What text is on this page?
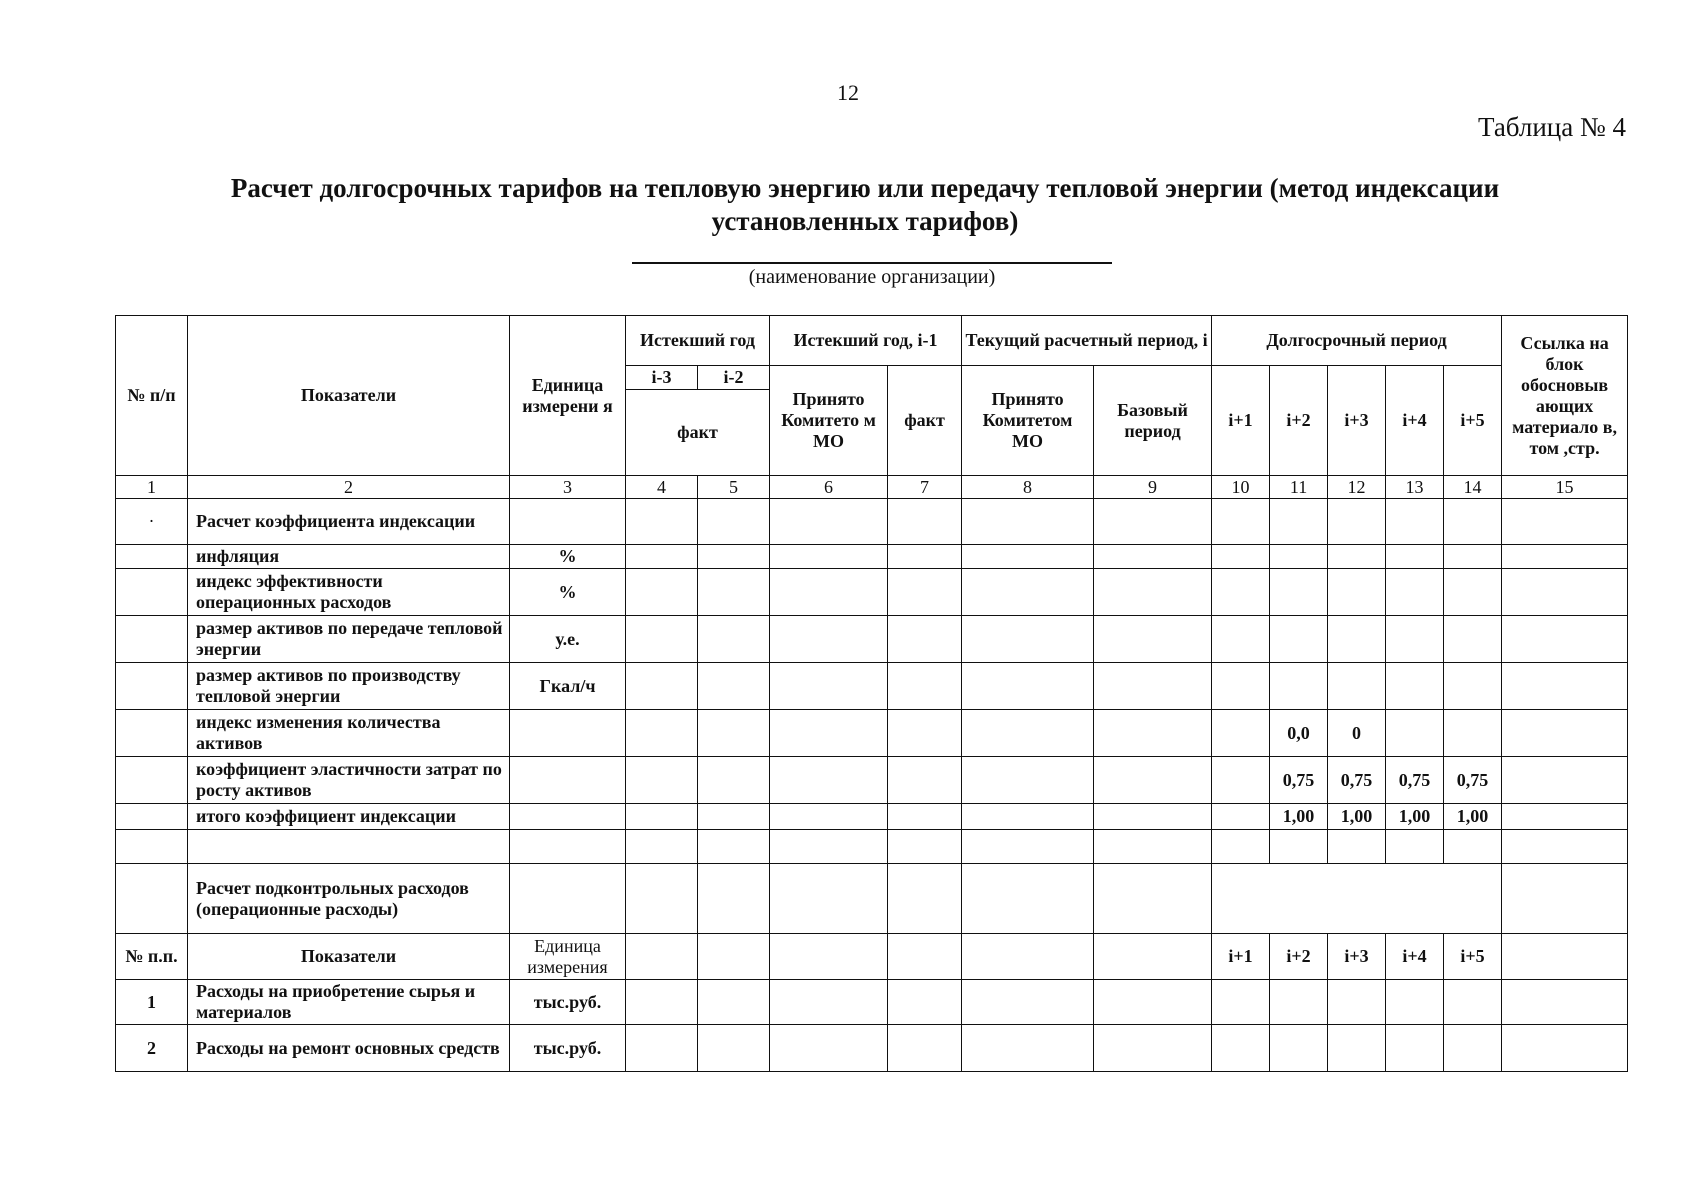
12
Таблица № 4
Расчет долгосрочных тарифов на тепловую энергию или передачу тепловой энергии (метод индексации
установленных тарифов)
(наименование организации)
№ п/п	Показатели	Единица измерени я	Истекший год		Истекший год, i-1		Текущий расчетный период, i		Долгосрочный период					Ссылка на блок обосновыв ающих материало в, том ,стр.
			i-3	i-2	Принято Комитето м МО	факт	Принято Комитетом МО	Базовый период	i+1	i+2	i+3	i+4	i+5	
			факт											
1	2	3	4	5	6	7	8	9	10	11	12	13	14	15
·	Расчет коэффициента индексации													
	инфляция	%												
	индекс эффективности операционных расходов	%												
	размер активов по передаче тепловой энергии	у.е.												
	размер активов по производству тепловой энергии	Гкал/ч												
	индекс изменения количества активов									0,0	0			
	коэффициент эластичности затрат по росту активов									0,75	0,75	0,75	0,75	
	итого коэффициент индексации									1,00	1,00	1,00	1,00	

	Расчет подконтрольных расходов (операционные расходы)													
№ п.п.	Показатели	Единица измерения							i+1	i+2	i+3	i+4	i+5	
1	Расходы на приобретение сырья и материалов	тыс.руб.												
2	Расходы на ремонт основных средств	тыс.руб.												
